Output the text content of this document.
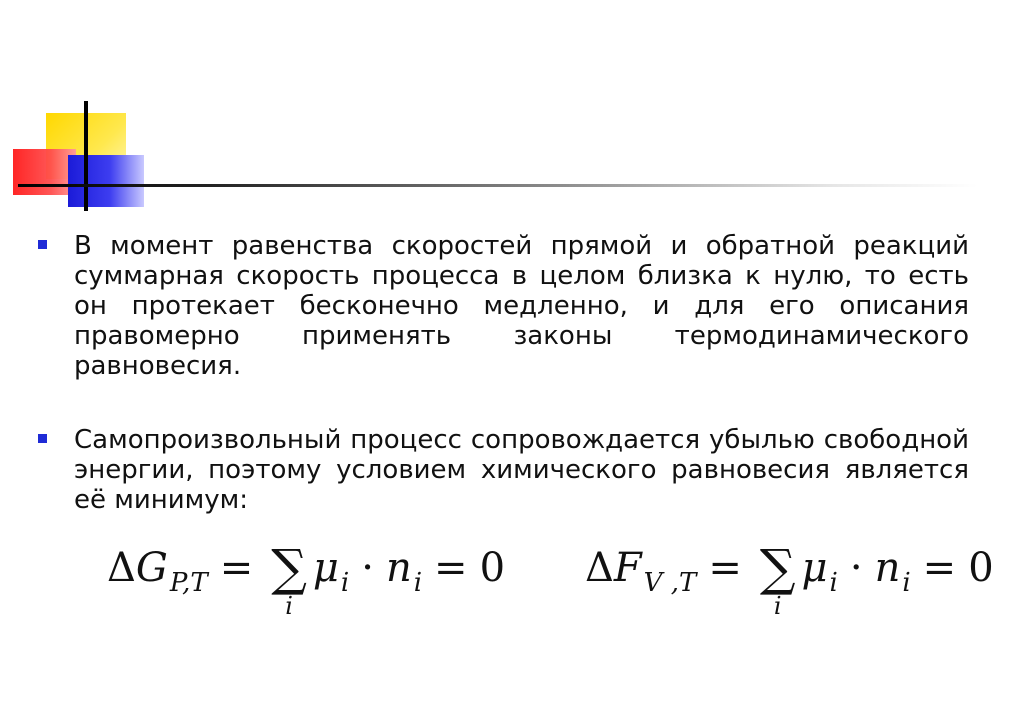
В момент равенства скоростей прямой и обратной реакций суммарная скорость процесса в целом близка к нулю, то есть он протекает бесконечно медленно, и для его описания правомерно применять законы термодинамического равновесия.
Самопроизвольный процесс сопровождается убылью свободной энергии, поэтому условием химического равновесия является её минимум:
Δ G P,T = ∑
i
μ i · n i = 0 Δ F V ,T = ∑
i
μ i · n i = 0
